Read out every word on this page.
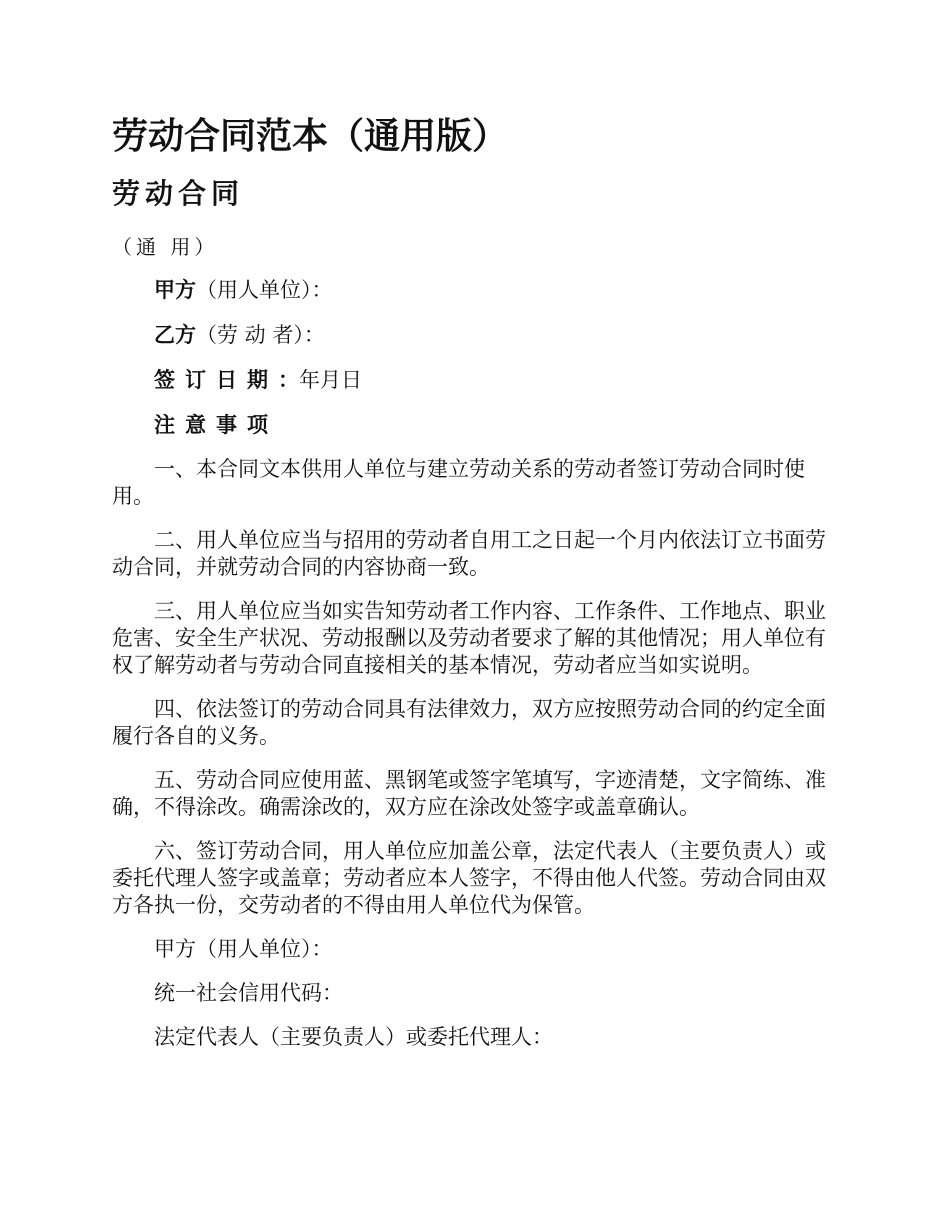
劳动合同范本（通用版）
劳动合同

（通 用）

甲方（用人单位）：

乙方（劳 动 者）：

签订日期：年月日

注意事项

一、本合同文本供用人单位与建立劳动关系的劳动者签订劳动合同时使用。

二、用人单位应当与招用的劳动者自用工之日起一个月内依法订立书面劳动合同，并就劳动合同的内容协商一致。

三、用人单位应当如实告知劳动者工作内容、工作条件、工作地点、职业危害、安全生产状况、劳动报酬以及劳动者要求了解的其他情况；用人单位有权了解劳动者与劳动合同直接相关的基本情况，劳动者应当如实说明。

四、依法签订的劳动合同具有法律效力，双方应按照劳动合同的约定全面履行各自的义务。

五、劳动合同应使用蓝、黑钢笔或签字笔填写，字迹清楚，文字简练、准确，不得涂改。确需涂改的，双方应在涂改处签字或盖章确认。

六、签订劳动合同，用人单位应加盖公章，法定代表人（主要负责人）或委托代理人签字或盖章；劳动者应本人签字，不得由他人代签。劳动合同由双方各执一份，交劳动者的不得由用人单位代为保管。

甲方（用人单位）：

统一社会信用代码：

法定代表人（主要负责人）或委托代理人：
